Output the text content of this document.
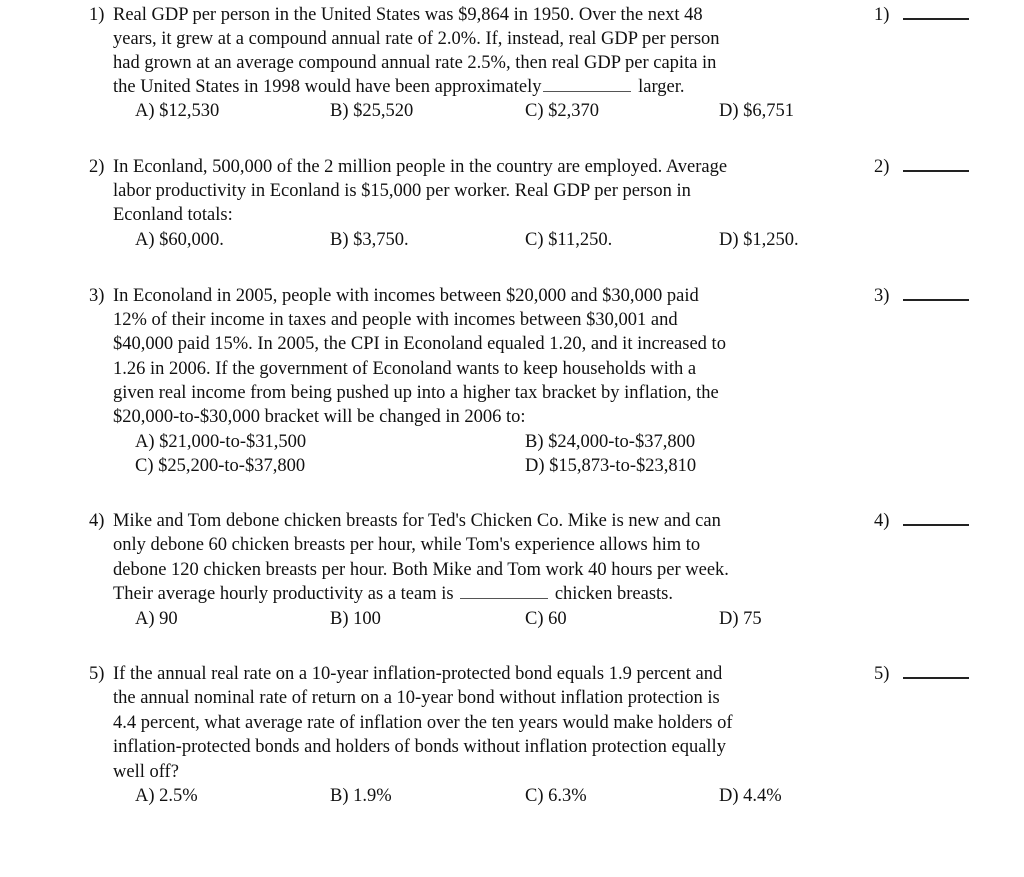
1) Real GDP per person in the United States was $9,864 in 1950. Over the next 48
years, it grew at a compound annual rate of 2.0%. If, instead, real GDP per person
had grown at an average compound annual rate 2.5%, then real GDP per capita in
the United States in 1998 would have been approximately	larger.
A) $12,530	B) $25,520	C) $2,370	D) $6,751
1)
2) In Econland, 500,000 of the 2 million people in the country are employed. Average
labor productivity in Econland is $15,000 per worker. Real GDP per person in
Econland totals:
A) $60,000.	B) $3,750.	C) $11,250.	D) $1,250.
2)
3) In Econoland in 2005, people with incomes between $20,000 and $30,000 paid
12% of their income in taxes and people with incomes between $30,001 and
$40,000 paid 15%. In 2005, the CPI in Econoland equaled 1.20, and it increased to
1.26 in 2006. If the government of Econoland wants to keep households with a
given real income from being pushed up into a higher tax bracket by inflation, the
$20,000-to-$30,000 bracket will be changed in 2006 to:
A) $21,000-to-$31,500	B) $24,000-to-$37,800
C) $25,200-to-$37,800	D) $15,873-to-$23,810
3)
4) Mike and Tom debone chicken breasts for Ted's Chicken Co. Mike is new and can
only debone 60 chicken breasts per hour, while Tom's experience allows him to
debone 120 chicken breasts per hour. Both Mike and Tom work 40 hours per week.
Their average hourly productivity as a team is	chicken breasts.
A) 90	B) 100	C) 60	D) 75
4)
5) If the annual real rate on a 10-year inflation-protected bond equals 1.9 percent and
the annual nominal rate of return on a 10-year bond without inflation protection is
4.4 percent, what average rate of inflation over the ten years would make holders of
inflation-protected bonds and holders of bonds without inflation protection equally
well off?
A) 2.5%	B) 1.9%	C) 6.3%	D) 4.4%
5)
